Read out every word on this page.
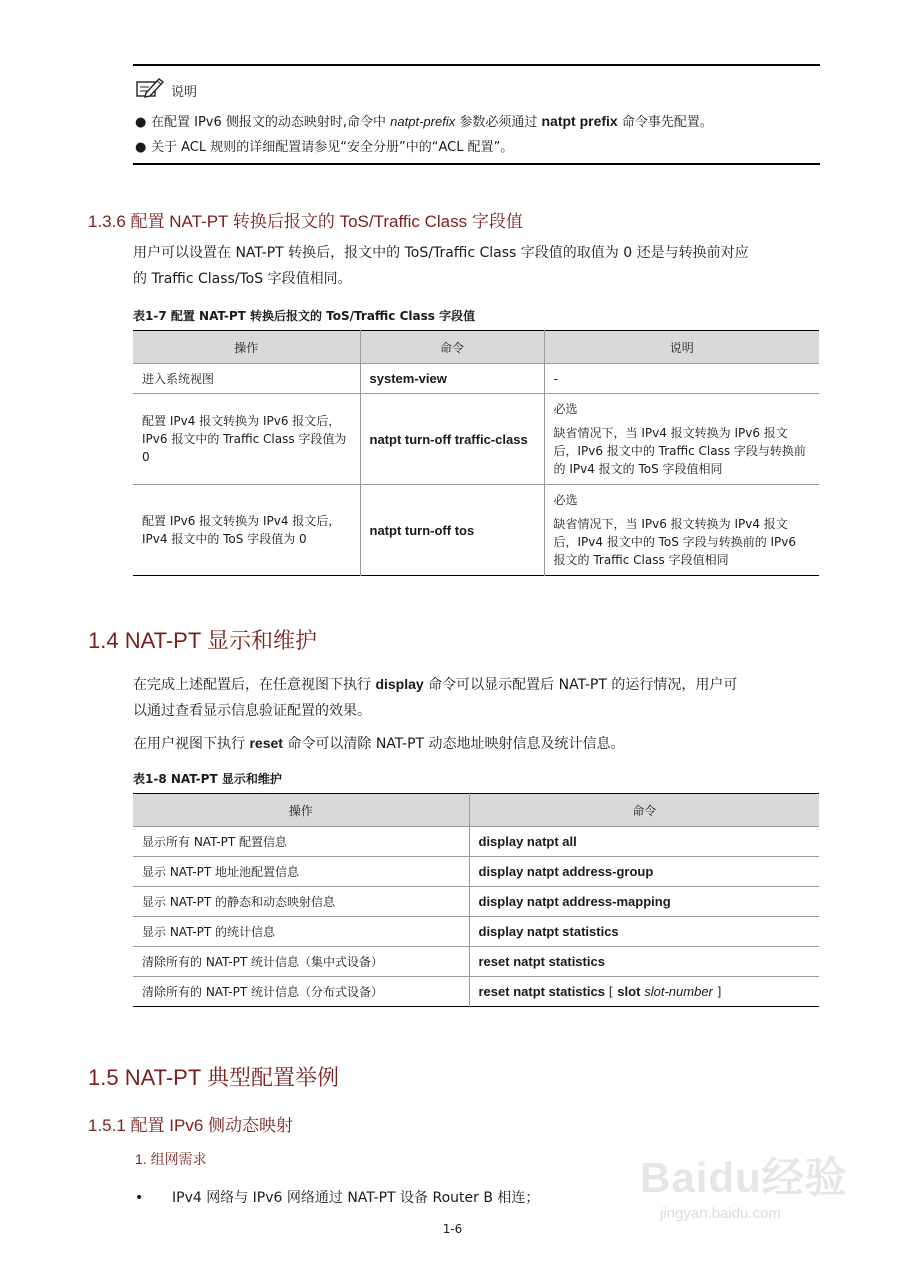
说明
● 在配置 IPv6 侧报文的动态映射时,命令中 natpt-prefix 参数必须通过 natpt prefix 命令事先配置。
● 关于 ACL 规则的详细配置请参见“安全分册”中的“ACL 配置”。
1.3.6 配置 NAT-PT 转换后报文的 ToS/Traffic Class 字段值
用户可以设置在 NAT-PT 转换后，报文中的 ToS/Traffic Class 字段值的取值为 0 还是与转换前对应
的 Traffic Class/ToS 字段值相同。
表1-7 配置 NAT-PT 转换后报文的 ToS/Traffic Class 字段值
操作	命令	说明
进入系统视图	system-view	-
配置 IPv4 报文转换为 IPv6 报文后，IPv6 报文中的 Traffic Class 字段值为 0	natpt turn-off traffic-class	必选

缺省情况下，当 IPv4 报文转换为 IPv6 报文后，IPv6 报文中的 Traffic Class 字段与转换前的 IPv4 报文的 ToS 字段值相同

配置 IPv6 报文转换为 IPv4 报文后，IPv4 报文中的 ToS 字段值为 0	natpt turn-off tos	必选

缺省情况下，当 IPv6 报文转换为 IPv4 报文后，IPv4 报文中的 ToS 字段与转换前的 IPv6 报文的 Traffic Class 字段值相同

1.4 NAT-PT 显示和维护
在完成上述配置后，在任意视图下执行 display 命令可以显示配置后 NAT-PT 的运行情况，用户可
以通过查看显示信息验证配置的效果。
在用户视图下执行 reset 命令可以清除 NAT-PT 动态地址映射信息及统计信息。
表1-8 NAT-PT 显示和维护
操作	命令
显示所有 NAT-PT 配置信息	display natpt all
显示 NAT-PT 地址池配置信息	display natpt address-group
显示 NAT-PT 的静态和动态映射信息	display natpt address-mapping
显示 NAT-PT 的统计信息	display natpt statistics
清除所有的 NAT-PT 统计信息（集中式设备）	reset natpt statistics
清除所有的 NAT-PT 统计信息（分布式设备）	reset natpt statistics [ slot slot-number ]
1.5 NAT-PT 典型配置举例
1.5.1 配置 IPv6 侧动态映射
1. 组网需求
• IPv4 网络与 IPv6 网络通过 NAT-PT 设备 Router B 相连；
1-6
Baidu经验
jingyan.baidu.com
